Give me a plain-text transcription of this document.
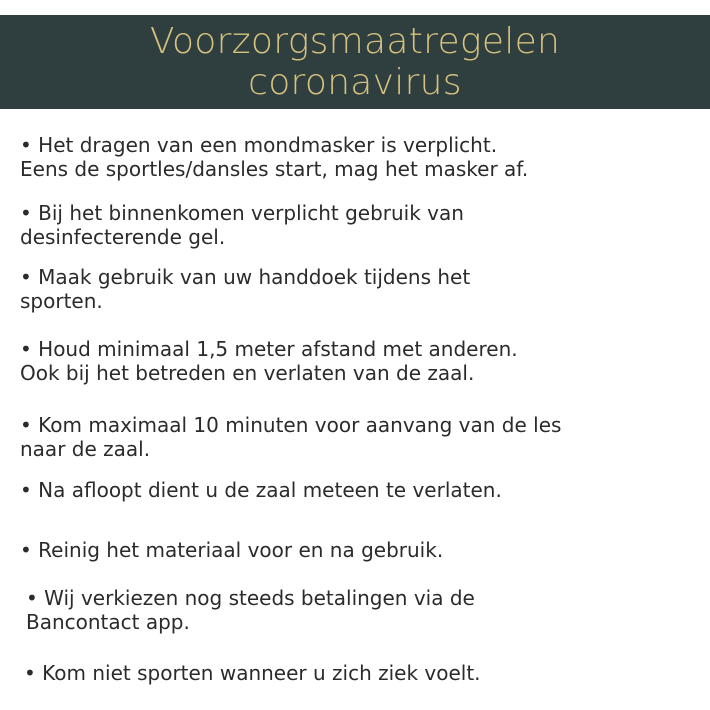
Voorzorgsmaatregelen
coronavirus
• Het dragen van een mondmasker is verplicht.
Eens de sportles/dansles start, mag het masker af.
• Bij het binnenkomen verplicht gebruik van
desinfecterende gel.
• Maak gebruik van uw handdoek tijdens het
sporten.
• Houd minimaal 1,5 meter afstand met anderen.
Ook bij het betreden en verlaten van de zaal.
• Kom maximaal 10 minuten voor aanvang van de les
naar de zaal.
• Na afloopt dient u de zaal meteen te verlaten.
• Reinig het materiaal voor en na gebruik.
• Wij verkiezen nog steeds betalingen via de
Bancontact app.
• Kom niet sporten wanneer u zich ziek voelt.
